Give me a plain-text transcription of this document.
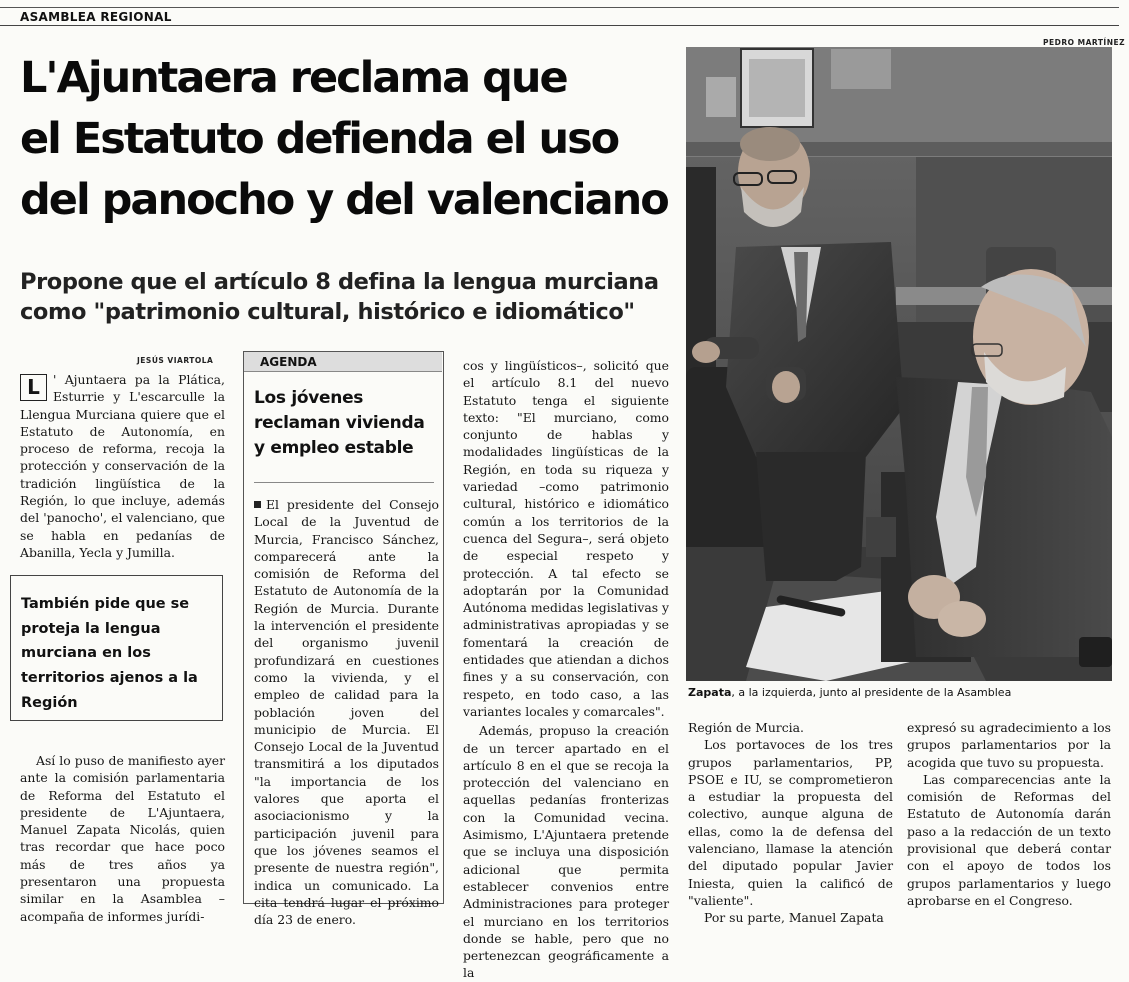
ASAMBLEA REGIONAL
L'Ajuntaera reclama que
el Estatuto defienda el uso
del panocho y del valenciano
Propone que el artículo 8 defina la lengua murciana
como "patrimonio cultural, histórico e idiomático"
JESÚS VIARTOLA
PEDRO MARTÍNEZ
L	' Ajuntaera pa la Plática, Esturrie y L'escarculle la Llengua Murciana quiere que el Estatuto de Autonomía, en proceso de reforma, recoja la protección y conservación de la tradición lingüística de la Región, lo que incluye, además del 'panocho', el valenciano, que se habla en pedanías de Abanilla, Yecla y Jumilla.
También pide que se proteja la lengua murciana en los territorios ajenos a la Región
Así lo puso de manifiesto ayer ante la comisión parlamentaria de Reforma del Estatuto el presidente de L'Ajuntaera, Manuel Zapata Nicolás, quien tras recordar que hace poco más de tres años ya presentaron una propuesta similar en la Asamblea –acompaña de informes jurídi-
AGENDA
Los jóvenes reclaman vivienda y empleo estable
El presidente del Consejo Local de la Juventud de Murcia, Francisco Sánchez, comparecerá ante la comisión de Reforma del Estatuto de Autonomía de la Región de Murcia. Durante la intervención el presidente del organismo juvenil profundizará en cuestiones como la vivienda, y el empleo de calidad para la población joven del municipio de Murcia. El Consejo Local de la Juventud transmitirá a los diputados "la importancia de los valores que aporta el asociacionismo y la participación juvenil para que los jóvenes seamos el presente de nuestra región", indica un comunicado. La cita tendrá lugar el próximo día 23 de enero.
cos y lingüísticos–, solicitó que el artículo 8.1 del nuevo Estatuto tenga el siguiente texto: "El murciano, como conjunto de hablas y modalidades lingüísticas de la Región, en toda su riqueza y variedad –como patrimonio cultural, histórico e idiomático común a los territorios de la cuenca del Segura–, será objeto de especial respeto y protección. A tal efecto se adoptarán por la Comunidad Autónoma medidas legislativas y administrativas apropiadas y se fomentará la creación de entidades que atiendan a dichos fines y a su conservación, con respeto, en todo caso, a las variantes locales y comarcales".
Además, propuso la creación de un tercer apartado en el artículo 8 en el que se recoja la protección del valenciano en aquellas pedanías fronterizas con la Comunidad vecina. Asimismo, L'Ajuntaera pretende que se incluya una disposición adicional que permita establecer convenios entre Administraciones para proteger el murciano en los territorios donde se hable, pero que no pertenezcan geográficamente a la
Zapata, a la izquierda, junto al presidente de la Asamblea
Región de Murcia.
Los portavoces de los tres grupos parlamentarios, PP, PSOE e IU, se comprometieron a estudiar la propuesta del colectivo, aunque alguna de ellas, como la de defensa del valenciano, llamase la atención del diputado popular Javier Iniesta, quien la calificó de "valiente".
Por su parte, Manuel Zapata
expresó su agradecimiento a los grupos parlamentarios por la acogida que tuvo su propuesta.
Las comparecencias ante la comisión de Reformas del Estatuto de Autonomía darán paso a la redacción de un texto provisional que deberá contar con el apoyo de todos los grupos parlamentarios y luego aprobarse en el Congreso.
